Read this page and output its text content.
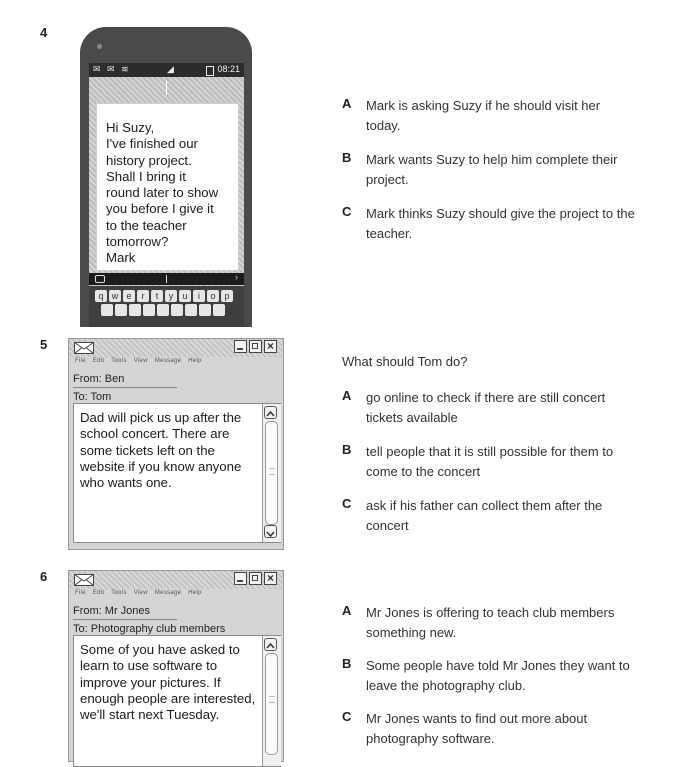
4
✉ ✉ ≋	◢	08:21
Hi Suzy,
I've finished our
history project.
Shall I bring it
round later to show
you before I give it
to the teacher
tomorrow?
Mark
›
q w e	r	t	y	u	i	o p
A Mark is asking Suzy if he should visit her today.
B Mark wants Suzy to help him complete their project.
C Mark thinks Suzy should give the project to the teacher.
5	×
File Edit Tools View Message Help
From: Ben
To: Tom
Dad will pick us up after the
school concert. There are
some tickets left on the
website if you know anyone
who wants one.
What should Tom do?
A go online to check if there are still concert tickets available
B tell people that it is still possible for them to come to the concert
C ask if his father can collect them after the concert
6	×
File Edit Tools View Message Help
From: Mr Jones
To: Photography club members
Some of you have asked to
learn to use software to
improve your pictures. If
enough people are interested,
we'll start next Tuesday.
A Mr Jones is offering to teach club members something new.
B Some people have told Mr Jones they want to leave the photography club.
C Mr Jones wants to find out more about photography software.
